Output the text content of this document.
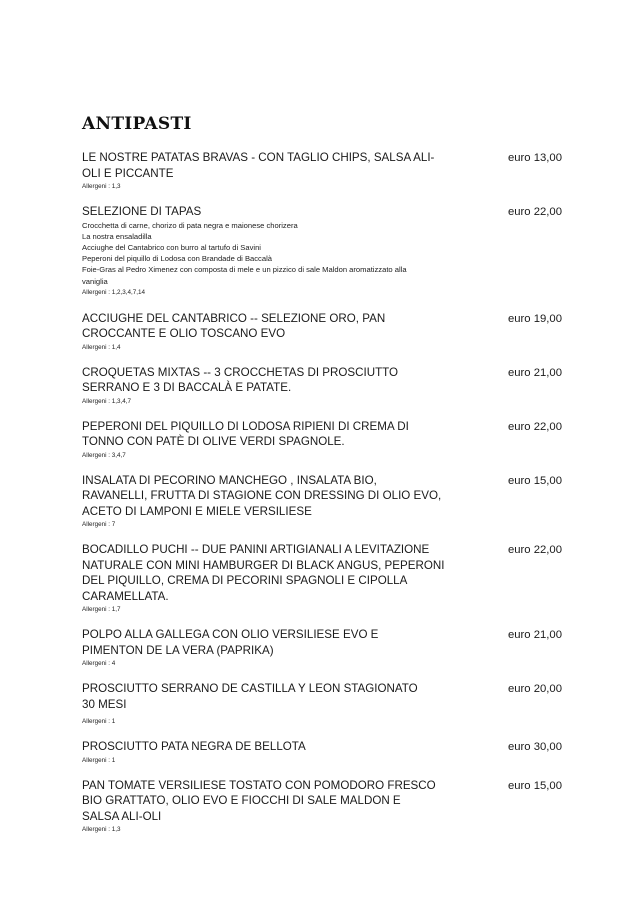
ANTIPASTI
LE NOSTRE PATATAS BRAVAS - CON TAGLIO CHIPS, SALSA ALI-OLI E PICCANTE
Allergeni : 1,3
euro 13,00
SELEZIONE DI TAPAS
Crocchetta di carne, chorizo di pata negra e maionese chorizera
La nostra ensaladilla
Acciughe del Cantabrico con burro al tartufo di Savini
Peperoni del piquillo di Lodosa con Brandade di Baccalà
Foie-Gras al Pedro Ximenez con composta di mele e un pizzico di sale Maldon aromatizzato alla vaniglia
Allergeni : 1,2,3,4,7,14
euro 22,00
ACCIUGHE DEL CANTABRICO -- SELEZIONE ORO, PAN CROCCANTE E OLIO TOSCANO EVO
Allergeni : 1,4
euro 19,00
CROQUETAS MIXTAS -- 3 CROCCHETAS DI PROSCIUTTO SERRANO E 3 DI BACCALÀ E PATATE.
Allergeni : 1,3,4,7
euro 21,00
PEPERONI DEL PIQUILLO DI LODOSA RIPIENI DI CREMA DI TONNO CON PATÈ DI OLIVE VERDI SPAGNOLE.
Allergeni : 3,4,7
euro 22,00
INSALATA DI PECORINO MANCHEGO , INSALATA BIO, RAVANELLI, FRUTTA DI STAGIONE CON DRESSING DI OLIO EVO, ACETO DI LAMPONI E MIELE VERSILIESE
Allergeni : 7
euro 15,00
BOCADILLO PUCHI -- DUE PANINI ARTIGIANALI A LEVITAZIONE NATURALE CON MINI HAMBURGER DI BLACK ANGUS, PEPERONI DEL PIQUILLO, CREMA DI PECORINI SPAGNOLI E CIPOLLA CARAMELLATA.
Allergeni : 1,7
euro 22,00
POLPO ALLA GALLEGA CON OLIO VERSILIESE EVO E PIMENTON DE LA VERA (PAPRIKA)
Allergeni : 4
euro 21,00
PROSCIUTTO SERRANO DE CASTILLA Y LEON STAGIONATO 30 MESI
Allergeni : 1
euro 20,00
PROSCIUTTO PATA NEGRA DE BELLOTA
Allergeni : 1
euro 30,00
PAN TOMATE VERSILIESE TOSTATO CON POMODORO FRESCO BIO GRATTATO, OLIO EVO E FIOCCHI DI SALE MALDON E SALSA ALI-OLI
Allergeni : 1,3
euro 15,00
